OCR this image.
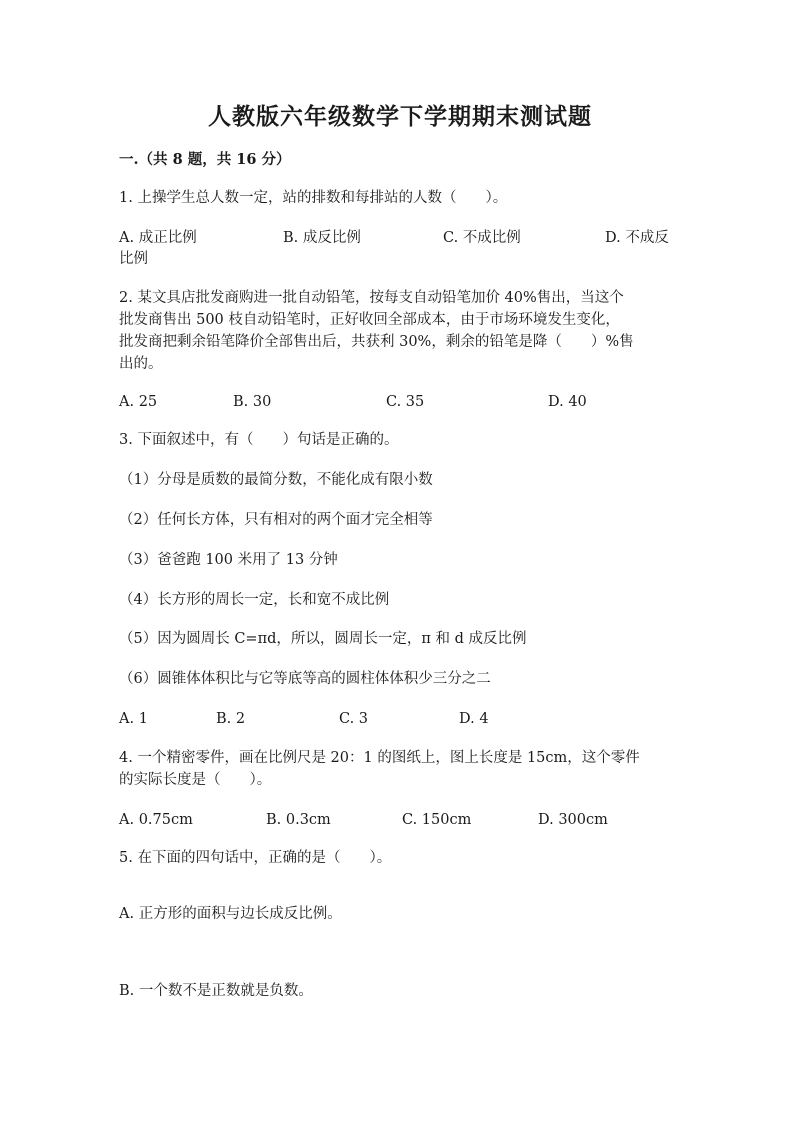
人教版六年级数学下学期期末测试题
一.（共 8 题，共 16 分）
1. 上操学生总人数一定，站的排数和每排站的人数（　　）。
A. 成正比例	B. 成反比例	C. 不成比例	D. 不成反
比例
2. 某文具店批发商购进一批自动铅笔，按每支自动铅笔加价 40%售出，当这个
批发商售出 500 枝自动铅笔时，正好收回全部成本，由于市场环境发生变化，
批发商把剩余铅笔降价全部售出后，共获利 30%，剩余的铅笔是降（　　）%售
出的。
A. 25	B. 30	C. 35	D. 40
3. 下面叙述中，有（　　）句话是正确的。
（1）分母是质数的最简分数，不能化成有限小数
（2）任何长方体，只有相对的两个面才完全相等
（3）爸爸跑 100 米用了 13 分钟
（4）长方形的周长一定，长和宽不成比例
（5）因为圆周长 C=πd，所以，圆周长一定，π 和 d 成反比例
（6）圆锥体体积比与它等底等高的圆柱体体积少三分之二
A. 1	B. 2	C. 3	D. 4
4. 一个精密零件，画在比例尺是 20：1 的图纸上，图上长度是 15cm，这个零件
的实际长度是（　　）。
A. 0.75cm	B. 0.3cm	C. 150cm	D. 300cm
5. 在下面的四句话中，正确的是（　　）。
A. 正方形的面积与边长成反比例。
B. 一个数不是正数就是负数。
